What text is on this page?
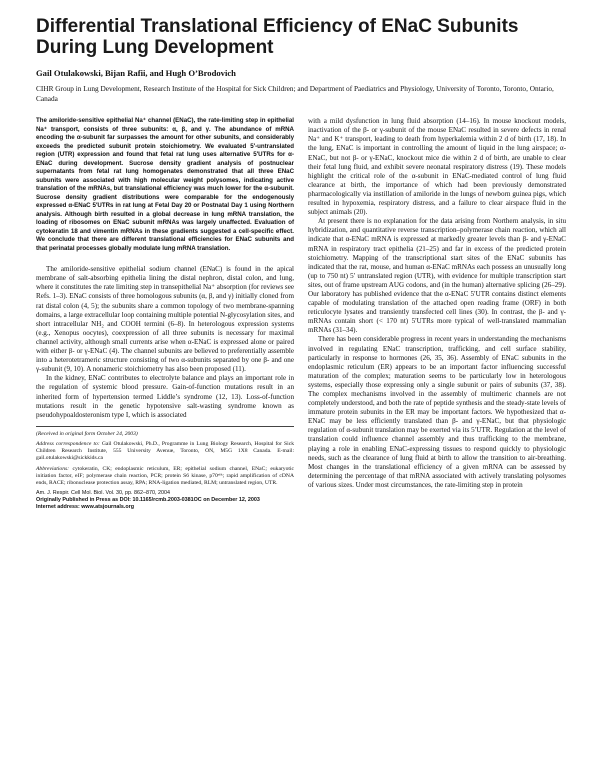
Differential Translational Efficiency of ENaC Subunits During Lung Development
Gail Otulakowski, Bijan Rafii, and Hugh O’Brodovich
CIHR Group in Lung Development, Research Institute of the Hospital for Sick Children; and Department of Paediatrics and Physiology, University of Toronto, Toronto, Ontario, Canada
The amiloride-sensitive epithelial Na⁺ channel (ENaC), the rate-limiting step in epithelial Na⁺ transport, consists of three subunits: α, β, and γ. The abundance of mRNA encoding the α-subunit far surpasses the amount for other subunits, and considerably exceeds the predicted subunit protein stoichiometry. We evaluated 5′-untranslated region (UTR) expression and found that fetal rat lung uses alternative 5′UTRs for α-ENaC during development. Sucrose density gradient analysis of postnuclear supernatants from fetal rat lung homogenates demonstrated that all three ENaC subunits were associated with high molecular weight polysomes, indicating active translation of the mRNAs, but translational efficiency was much lower for the α-subunit. Sucrose density gradient distributions were comparable for the endogenously expressed α-ENaC 5′UTRs in rat lung at Fetal Day 20 or Postnatal Day 1 using Northern analysis. Although birth resulted in a global decrease in lung mRNA translation, the loading of ribosomes on ENaC subunit mRNAs was largely unaffected. Evaluation of cytokeratin 18 and vimentin mRNAs in these gradients suggested a cell-specific effect. We conclude that there are different translational efficiencies for ENaC subunits and that perinatal processes globally modulate lung mRNA translation.

The amiloride-sensitive epithelial sodium channel (ENaC) is found in the apical membrane of salt-absorbing epithelia lining the distal nephron, distal colon, and lung, where it constitutes the rate limiting step in transepithelial Na⁺ absorption (for reviews see Refs. 1–3). ENaC consists of three homologous subunits (α, β, and γ) initially cloned from rat distal colon (4, 5); the subunits share a common topology of two membrane-spanning domains, a large extracellular loop containing multiple potential N-glycosylation sites, and short intracellular NH₂ and COOH termini (6–8). In heterologous expression systems (e.g., Xenopus oocytes), coexpression of all three subunits is necessary for maximal channel activity, although small currents arise when α-ENaC is expressed alone or paired with either β- or γ-ENaC (4). The channel subunits are believed to preferentially assemble into a heterotetrameric structure consisting of two α-subunits separated by one β- and one γ-subunit (9, 10). A nonameric stoichiometry has also been proposed (11).

In the kidney, ENaC contributes to electrolyte balance and plays an important role in the regulation of systemic blood pressure. Gain-of-function mutations result in an inherited form of hypertension termed Liddle’s syndrome (12, 13). Loss-of-function mutations result in the genetic hypotensive salt-wasting syndrome known as pseudohypoaldosteronism type I, which is associated

(Received in original form October 24, 2003)

Address correspondence to: Gail Otulakowski, Ph.D., Programme in Lung Biology Research, Hospital for Sick Children Research Institute, 555 University Avenue, Toronto, ON, M5G 1X8 Canada. E-mail: gail.otulakowski@sickkids.ca

Abbreviations: cytokeratin, CK; endoplasmic reticulum, ER; epithelial sodium channel, ENaC; eukaryotic initiation factor, eIF; polymerase chain reaction, PCR; protein S6 kinase, p70ˢ⁶ᵏ; rapid amplification of cDNA ends, RACE; ribonuclease protection assay, RPA; RNA-ligation mediated, RLM; untranslated region, UTR.

Am. J. Respir. Cell Mol. Biol. Vol. 30, pp. 862–870, 2004

Originally Published in Press as DOI: 10.1165/rcmb.2003-0381OC on December 12, 2003

Internet address: www.atsjournals.org

with a mild dysfunction in lung fluid absorption (14–16). In mouse knockout models, inactivation of the β- or γ-subunit of the mouse ENaC resulted in severe defects in renal Na⁺ and K⁺ transport, leading to death from hyperkalemia within 2 d of birth (17, 18). In the lung, ENaC is important in controlling the amount of liquid in the lung airspace; α-ENaC, but not β- or γ-ENaC, knockout mice die within 2 d of birth, are unable to clear their fetal lung fluid, and exhibit severe neonatal respiratory distress (19). These models highlight the critical role of the α-subunit in ENaC-mediated control of lung fluid clearance at birth, the importance of which had been previously demonstrated pharmacologically via instillation of amiloride in the lungs of newborn guinea pigs, which resulted in hypoxemia, respiratory distress, and a failure to clear airspace fluid in the subject animals (20).

At present there is no explanation for the data arising from Northern analysis, in situ hybridization, and quantitative reverse transcription–polymerase chain reaction, which all indicate that α-ENaC mRNA is expressed at markedly greater levels than β- and γ-ENaC mRNA in respiratory tract epithelia (21–25) and far in excess of the predicted protein stoichiometry. Mapping of the transcriptional start sites of the ENaC subunits has indicated that the rat, mouse, and human α-ENaC mRNAs each possess an unusually long (up to 750 nt) 5′ untranslated region (UTR), with evidence for multiple transcription start sites, out of frame upstream AUG codons, and (in the human) alternative splicing (26–29). Our laboratory has published evidence that the α-ENaC 5′UTR contains distinct elements capable of modulating translation of the attached open reading frame (ORF) in both reticulocyte lysates and transiently transfected cell lines (30). In contrast, the β- and γ-mRNAs contain short (< 170 nt) 5′UTRs more typical of well-translated mammalian mRNAs (31–34).

There has been considerable progress in recent years in understanding the mechanisms involved in regulating ENaC transcription, trafficking, and cell surface stability, particularly in response to hormones (26, 35, 36). Assembly of ENaC subunits in the endoplasmic reticulum (ER) appears to be an important factor influencing successful maturation of the complex; maturation seems to be particularly low in heterologous systems, especially those expressing only a single subunit or pairs of subunits (37, 38). The complex mechanisms involved in the assembly of multimeric channels are not completely understood, and both the rate of peptide synthesis and the steady-state levels of immature protein subunits in the ER may be important factors. We hypothesized that α-ENaC may be less efficiently translated than β- and γ-ENaC, but that physiologic regulation of α-subunit translation may be exerted via its 5′UTR. Regulation at the level of translation could influence channel assembly and thus trafficking to the membrane, playing a role in enabling ENaC-expressing tissues to respond quickly to physiologic needs, such as the clearance of lung fluid at birth to allow the transition to air-breathing. Most changes in the translational efficiency of a given mRNA can be assessed by determining the percentage of that mRNA associated with actively translating polysomes of various sizes. Under most circumstances, the rate-limiting step in protein
